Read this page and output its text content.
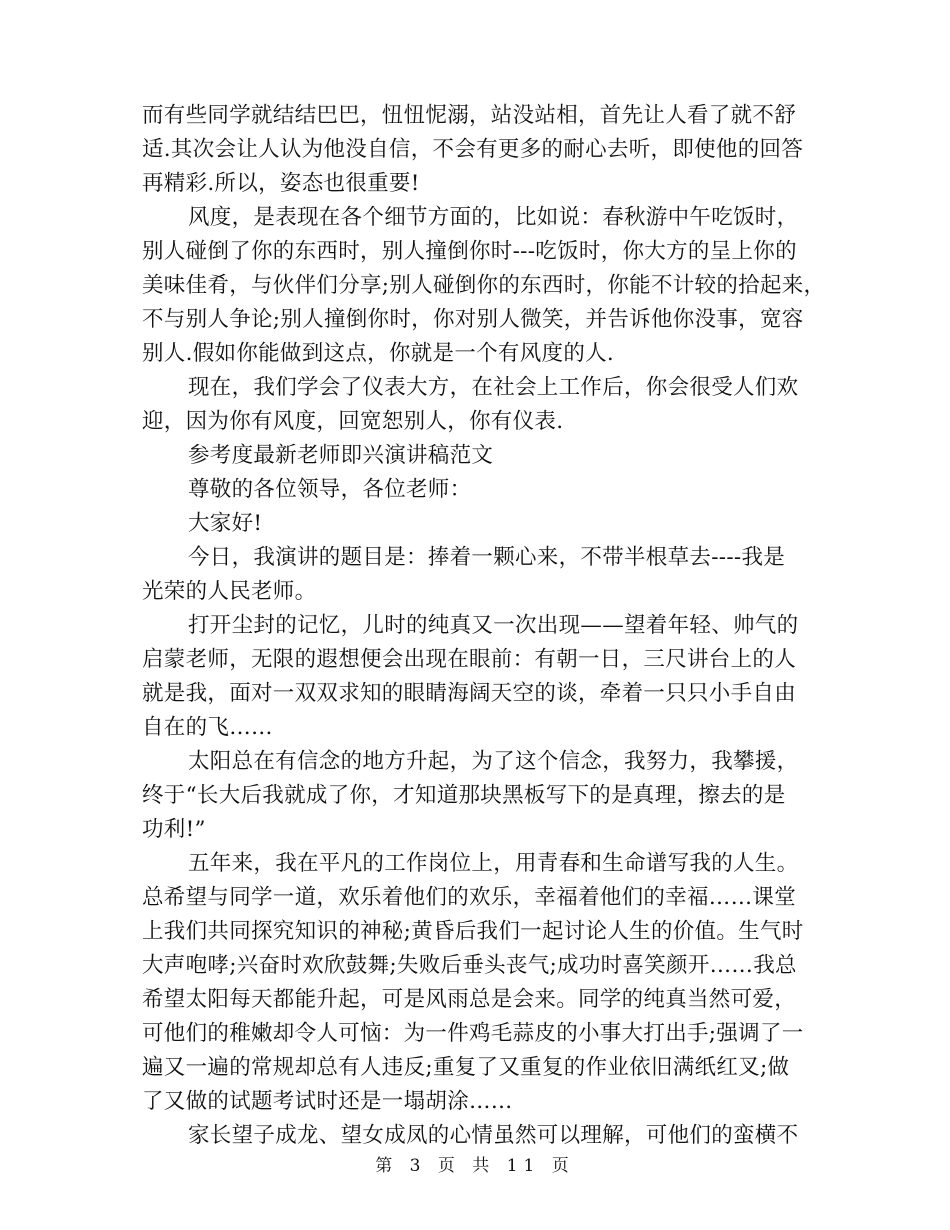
而有些同学就结结巴巴，忸忸怩溺，站没站相，首先让人看了就不舒
适.其次会让人认为他没自信，不会有更多的耐心去听，即使他的回答
再精彩.所以，姿态也很重要!
风度，是表现在各个细节方面的，比如说：春秋游中午吃饭时，
别人碰倒了你的东西时，别人撞倒你时---吃饭时，你大方的呈上你的
美味佳肴，与伙伴们分享;别人碰倒你的东西时，你能不计较的拾起来，
不与别人争论;别人撞倒你时，你对别人微笑，并告诉他你没事，宽容
别人.假如你能做到这点，你就是一个有风度的人.
现在，我们学会了仪表大方，在社会上工作后，你会很受人们欢
迎，因为你有风度，回宽恕别人，你有仪表.
参考度最新老师即兴演讲稿范文
尊敬的各位领导，各位老师：
大家好!
今日，我演讲的题目是：捧着一颗心来，不带半根草去----我是
光荣的人民老师。
打开尘封的记忆，儿时的纯真又一次出现——望着年轻、帅气的
启蒙老师，无限的遐想便会出现在眼前：有朝一日，三尺讲台上的人
就是我，面对一双双求知的眼睛海阔天空的谈，牵着一只只小手自由
自在的飞……
太阳总在有信念的地方升起，为了这个信念，我努力，我攀援，
终于“长大后我就成了你，才知道那块黑板写下的是真理，擦去的是
功利!”
五年来，我在平凡的工作岗位上，用青春和生命谱写我的人生。
总希望与同学一道，欢乐着他们的欢乐，幸福着他们的幸福……课堂
上我们共同探究知识的神秘;黄昏后我们一起讨论人生的价值。生气时
大声咆哮;兴奋时欢欣鼓舞;失败后垂头丧气;成功时喜笑颜开……我总
希望太阳每天都能升起，可是风雨总是会来。同学的纯真当然可爱，
可他们的稚嫩却令人可恼：为一件鸡毛蒜皮的小事大打出手;强调了一
遍又一遍的常规却总有人违反;重复了又重复的作业依旧满纸红叉;做
了又做的试题考试时还是一塌胡涂……
家长望子成龙、望女成凤的心情虽然可以理解，可他们的蛮横不
第 3 页 共 11 页
